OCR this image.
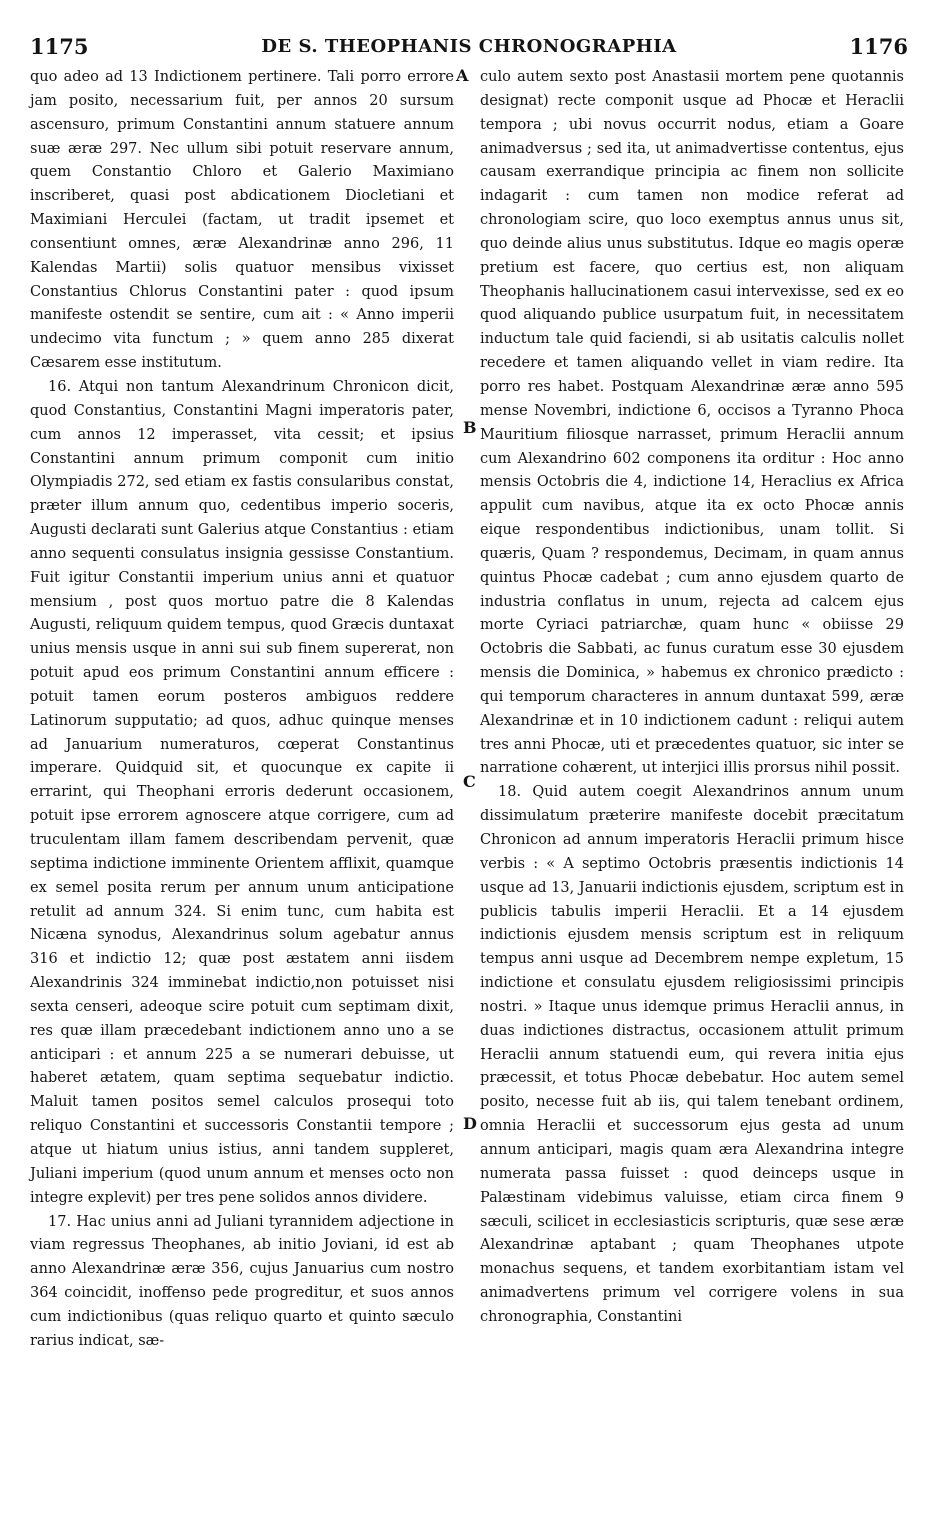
1175	DE S. THEOPHANIS CHRONOGRAPHIA	1176

quo adeo ad 13 Indictionem pertinere. Tali porro errore jam posito, necessarium fuit, per annos 20 sursum ascensuro, primum Constantini annum statuere annum suæ æræ 297. Nec ullum sibi potuit reservare annum, quem Constantio Chloro et Galerio Maximiano inscriberet, quasi post abdicationem Diocletiani et Maximiani Herculei (factam, ut tradit ipsemet et consentiunt omnes, æræ Alexandrinæ anno 296, 11 Kalendas Martii) solis quatuor mensibus vixisset Constantius Chlorus Constantini pater : quod ipsum manifeste ostendit se sentire, cum ait : « Anno imperii undecimo vita functum ; » quem anno 285 dixerat Cæsarem esse institutum.

16. Atqui non tantum Alexandrinum Chronicon dicit, quod Constantius, Constantini Magni imperatoris pater, cum annos 12 imperasset, vita cessit; et ipsius Constantini annum primum componit cum initio Olympiadis 272, sed etiam ex fastis consularibus constat, præter illum annum quo, cedentibus imperio soceris, Augusti declarati sunt Galerius atque Constantius : etiam anno sequenti consulatus insignia gessisse Constantium. Fuit igitur Constantii imperium unius anni et quatuor mensium , post quos mortuo patre die 8 Kalendas Augusti, reliquum quidem tempus, quod Græcis duntaxat unius mensis usque in anni sui sub finem supererat, non potuit apud eos primum Constantini annum efficere : potuit tamen eorum posteros ambiguos reddere Latinorum supputatio; ad quos, adhuc quinque menses ad Januarium numeraturos, cœperat Constantinus imperare. Quidquid sit, et quocunque ex capite ii errarint, qui Theophani erroris dederunt occasionem, potuit ipse errorem agnoscere atque corrigere, cum ad truculentam illam famem describendam pervenit, quæ septima indictione imminente Orientem afflixit, quamque ex semel posita rerum per annum unum anticipatione retulit ad annum 324. Si enim tunc, cum habita est Nicæna synodus, Alexandrinus solum agebatur annus 316 et indictio 12; quæ post æstatem anni iisdem Alexandrinis 324 imminebat indictio,non potuisset nisi sexta censeri, adeoque scire potuit cum septimam dixit, res quæ illam præcedebant indictionem anno uno a se anticipari : et annum 225 a se numerari debuisse, ut haberet ætatem, quam septima sequebatur indictio. Maluit tamen positos semel calculos prosequi toto reliquo Constantini et successoris Constantii tempore ; atque ut hiatum unius istius, anni tandem suppleret, Juliani imperium (quod unum annum et menses octo non integre explevit) per tres pene solidos annos dividere.

17. Hac unius anni ad Juliani tyrannidem adjectione in viam regressus Theophanes, ab initio Joviani, id est ab anno Alexandrinæ æræ 356, cujus Januarius cum nostro 364 coincidit, inoffenso pede progreditur, et suos annos cum indictionibus (quas reliquo quarto et quinto sæculo rarius indicat, sæ-

culo autem sexto post Anastasii mortem pene quotannis designat) recte componit usque ad Phocæ et Heraclii tempora ; ubi novus occurrit nodus, etiam a Goare animadversus ; sed ita, ut animadvertisse contentus, ejus causam exerrandique principia ac finem non sollicite indagarit : cum tamen non modice referat ad chronologiam scire, quo loco exemptus annus unus sit, quo deinde alius unus substitutus. Idque eo magis operæ pretium est facere, quo certius est, non aliquam Theophanis hallucinationem casui intervexisse, sed ex eo quod aliquando publice usurpatum fuit, in necessitatem inductum tale quid faciendi, si ab usitatis calculis nollet recedere et tamen aliquando vellet in viam redire. Ita porro res habet. Postquam Alexandrinæ æræ anno 595 mense Novembri, indictione 6, occisos a Tyranno Phoca Mauritium filiosque narrasset, primum Heraclii annum cum Alexandrino 602 componens ita orditur : Hoc anno mensis Octobris die 4, indictione 14, Heraclius ex Africa appulit cum navibus, atque ita ex octo Phocæ annis eique respondentibus indictionibus, unam tollit. Si quæris, Quam ? respondemus, Decimam, in quam annus quintus Phocæ cadebat ; cum anno ejusdem quarto de industria conflatus in unum, rejecta ad calcem ejus morte Cyriaci patriarchæ, quam hunc « obiisse 29 Octobris die Sabbati, ac funus curatum esse 30 ejusdem mensis die Dominica, » habemus ex chronico prædicto : qui temporum characteres in annum duntaxat 599, æræ Alexandrinæ et in 10 indictionem cadunt : reliqui autem tres anni Phocæ, uti et præcedentes quatuor, sic inter se narratione cohærent, ut interjici illis prorsus nihil possit.

18. Quid autem coegit Alexandrinos annum unum dissimulatum præterire manifeste docebit præcitatum Chronicon ad annum imperatoris Heraclii primum hisce verbis : « A septimo Octobris præsentis indictionis 14 usque ad 13, Januarii indictionis ejusdem, scriptum est in publicis tabulis imperii Heraclii. Et a 14 ejusdem indictionis ejusdem mensis scriptum est in reliquum tempus anni usque ad Decembrem nempe expletum, 15 indictione et consulatu ejusdem religiosissimi principis nostri. » Itaque unus idemque primus Heraclii annus, in duas indictiones distractus, occasionem attulit primum Heraclii annum statuendi eum, qui revera initia ejus præcessit, et totus Phocæ debebatur. Hoc autem semel posito, necesse fuit ab iis, qui talem tenebant ordinem, omnia Heraclii et successorum ejus gesta ad unum annum anticipari, magis quam æra Alexandrina integre numerata passa fuisset : quod deinceps usque in Palæstinam videbimus valuisse, etiam circa finem 9 sæculi, scilicet in ecclesiasticis scripturis, quæ sese æræ Alexandrinæ aptabant ; quam Theophanes utpote monachus sequens, et tandem exorbitantiam istam vel animadvertens primum vel corrigere volens in sua chronographia, Constantini

A
B
C
D
